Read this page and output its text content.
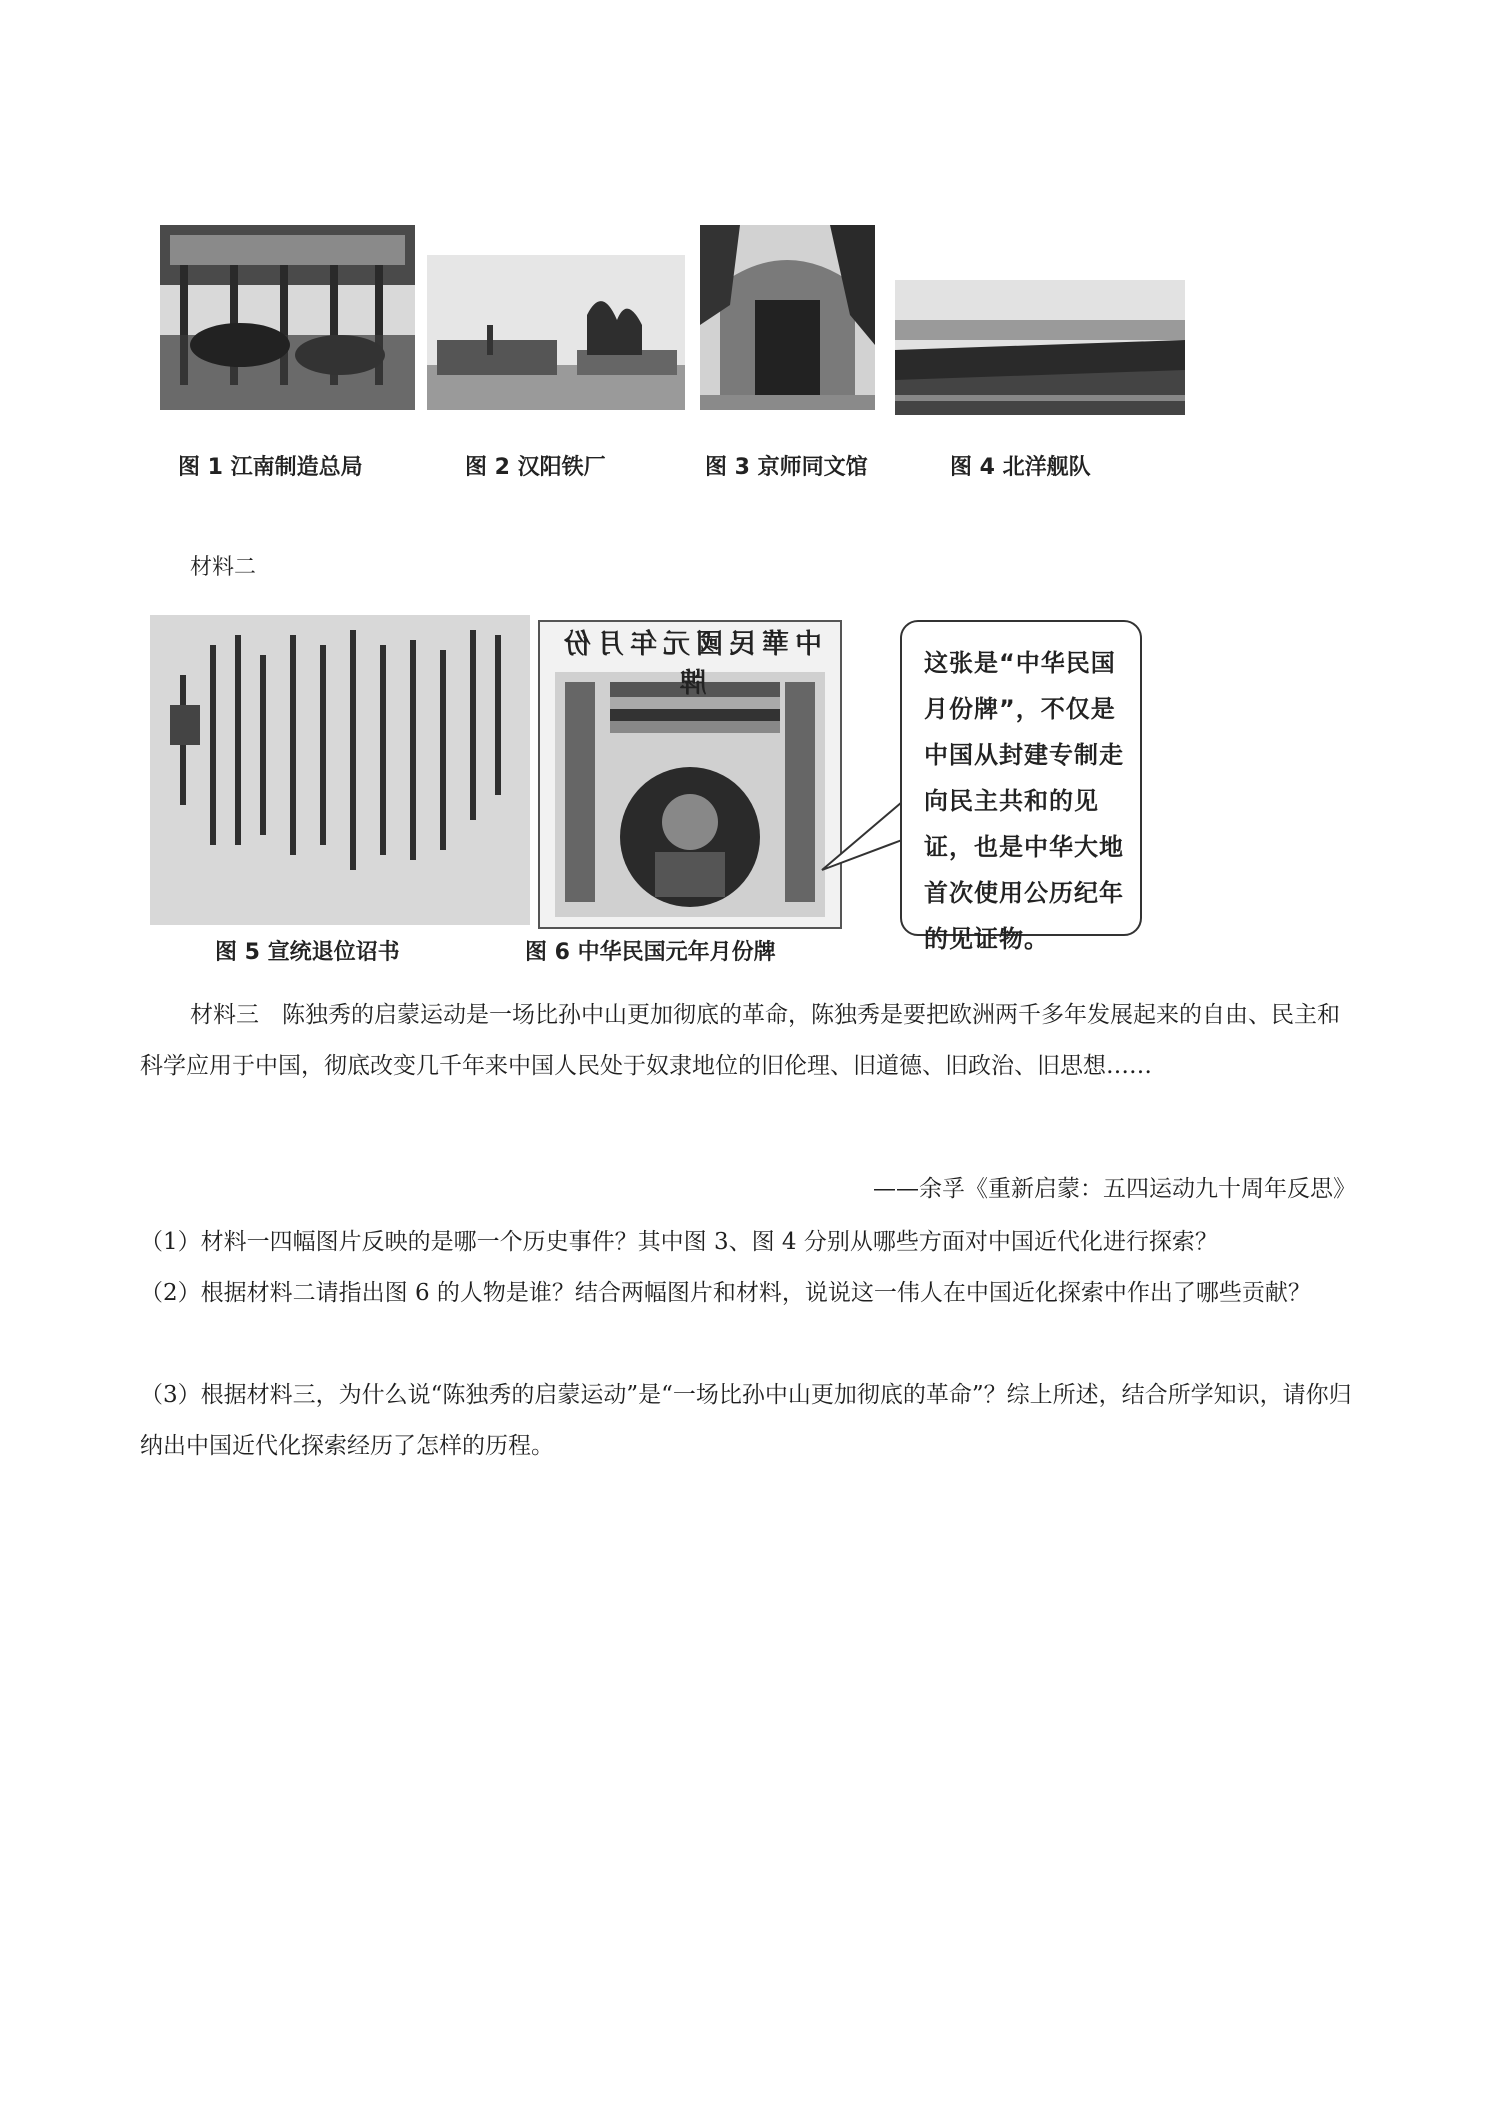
图 1 江南制造总局	图 2 汉阳铁厂	图 3 京师同文馆	图 4 北洋舰队
材料二
中華民國元年月份牌
这张是“中华民国月份牌”，不仅是中国从封建专制走向民主共和的见证，也是中华大地首次使用公历纪年的见证物。
图 5 宣统退位诏书	图 6 中华民国元年月份牌
材料三　陈独秀的启蒙运动是一场比孙中山更加彻底的革命，陈独秀是要把欧洲两千多年发展起来的自由、民主和科学应用于中国，彻底改变几千年来中国人民处于奴隶地位的旧伦理、旧道德、旧政治、旧思想……
——余孚《重新启蒙：五四运动九十周年反思》
（1）材料一四幅图片反映的是哪一个历史事件？其中图 3、图 4 分别从哪些方面对中国近代化进行探索？
（2）根据材料二请指出图 6 的人物是谁？结合两幅图片和材料，说说这一伟人在中国近化探索中作出了哪些贡献？
（3）根据材料三，为什么说“陈独秀的启蒙运动”是“一场比孙中山更加彻底的革命”？综上所述，结合所学知识，请你归纳出中国近代化探索经历了怎样的历程。
